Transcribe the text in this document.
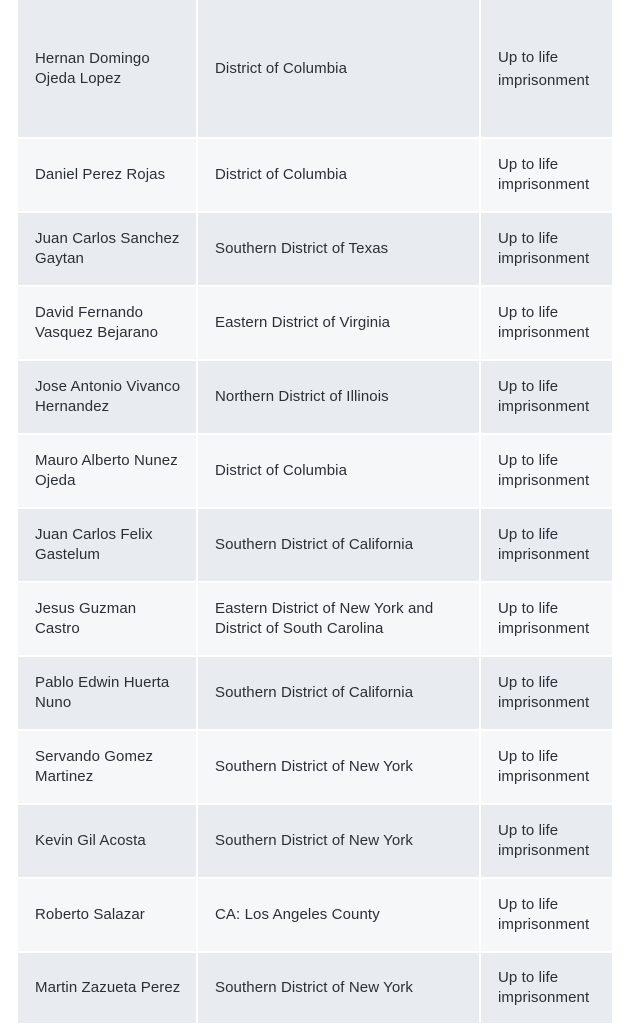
Hernan Domingo Ojeda Lopez	District of Columbia	Up to life imprisonment
Daniel Perez Rojas	District of Columbia	Up to life imprisonment
Juan Carlos Sanchez Gaytan	Southern District of Texas	Up to life imprisonment
David Fernando Vasquez Bejarano	Eastern District of Virginia	Up to life imprisonment
Jose Antonio Vivanco Hernandez	Northern District of Illinois	Up to life imprisonment
Mauro Alberto Nunez Ojeda	District of Columbia	Up to life imprisonment
Juan Carlos Felix Gastelum	Southern District of California	Up to life imprisonment
Jesus Guzman Castro	Eastern District of New York and District of South Carolina	Up to life imprisonment
Pablo Edwin Huerta Nuno	Southern District of California	Up to life imprisonment
Servando Gomez Martinez	Southern District of New York	Up to life imprisonment
Kevin Gil Acosta	Southern District of New York	Up to life imprisonment
Roberto Salazar	CA: Los Angeles County	Up to life imprisonment
Martin Zazueta Perez	Southern District of New York	Up to life imprisonment
